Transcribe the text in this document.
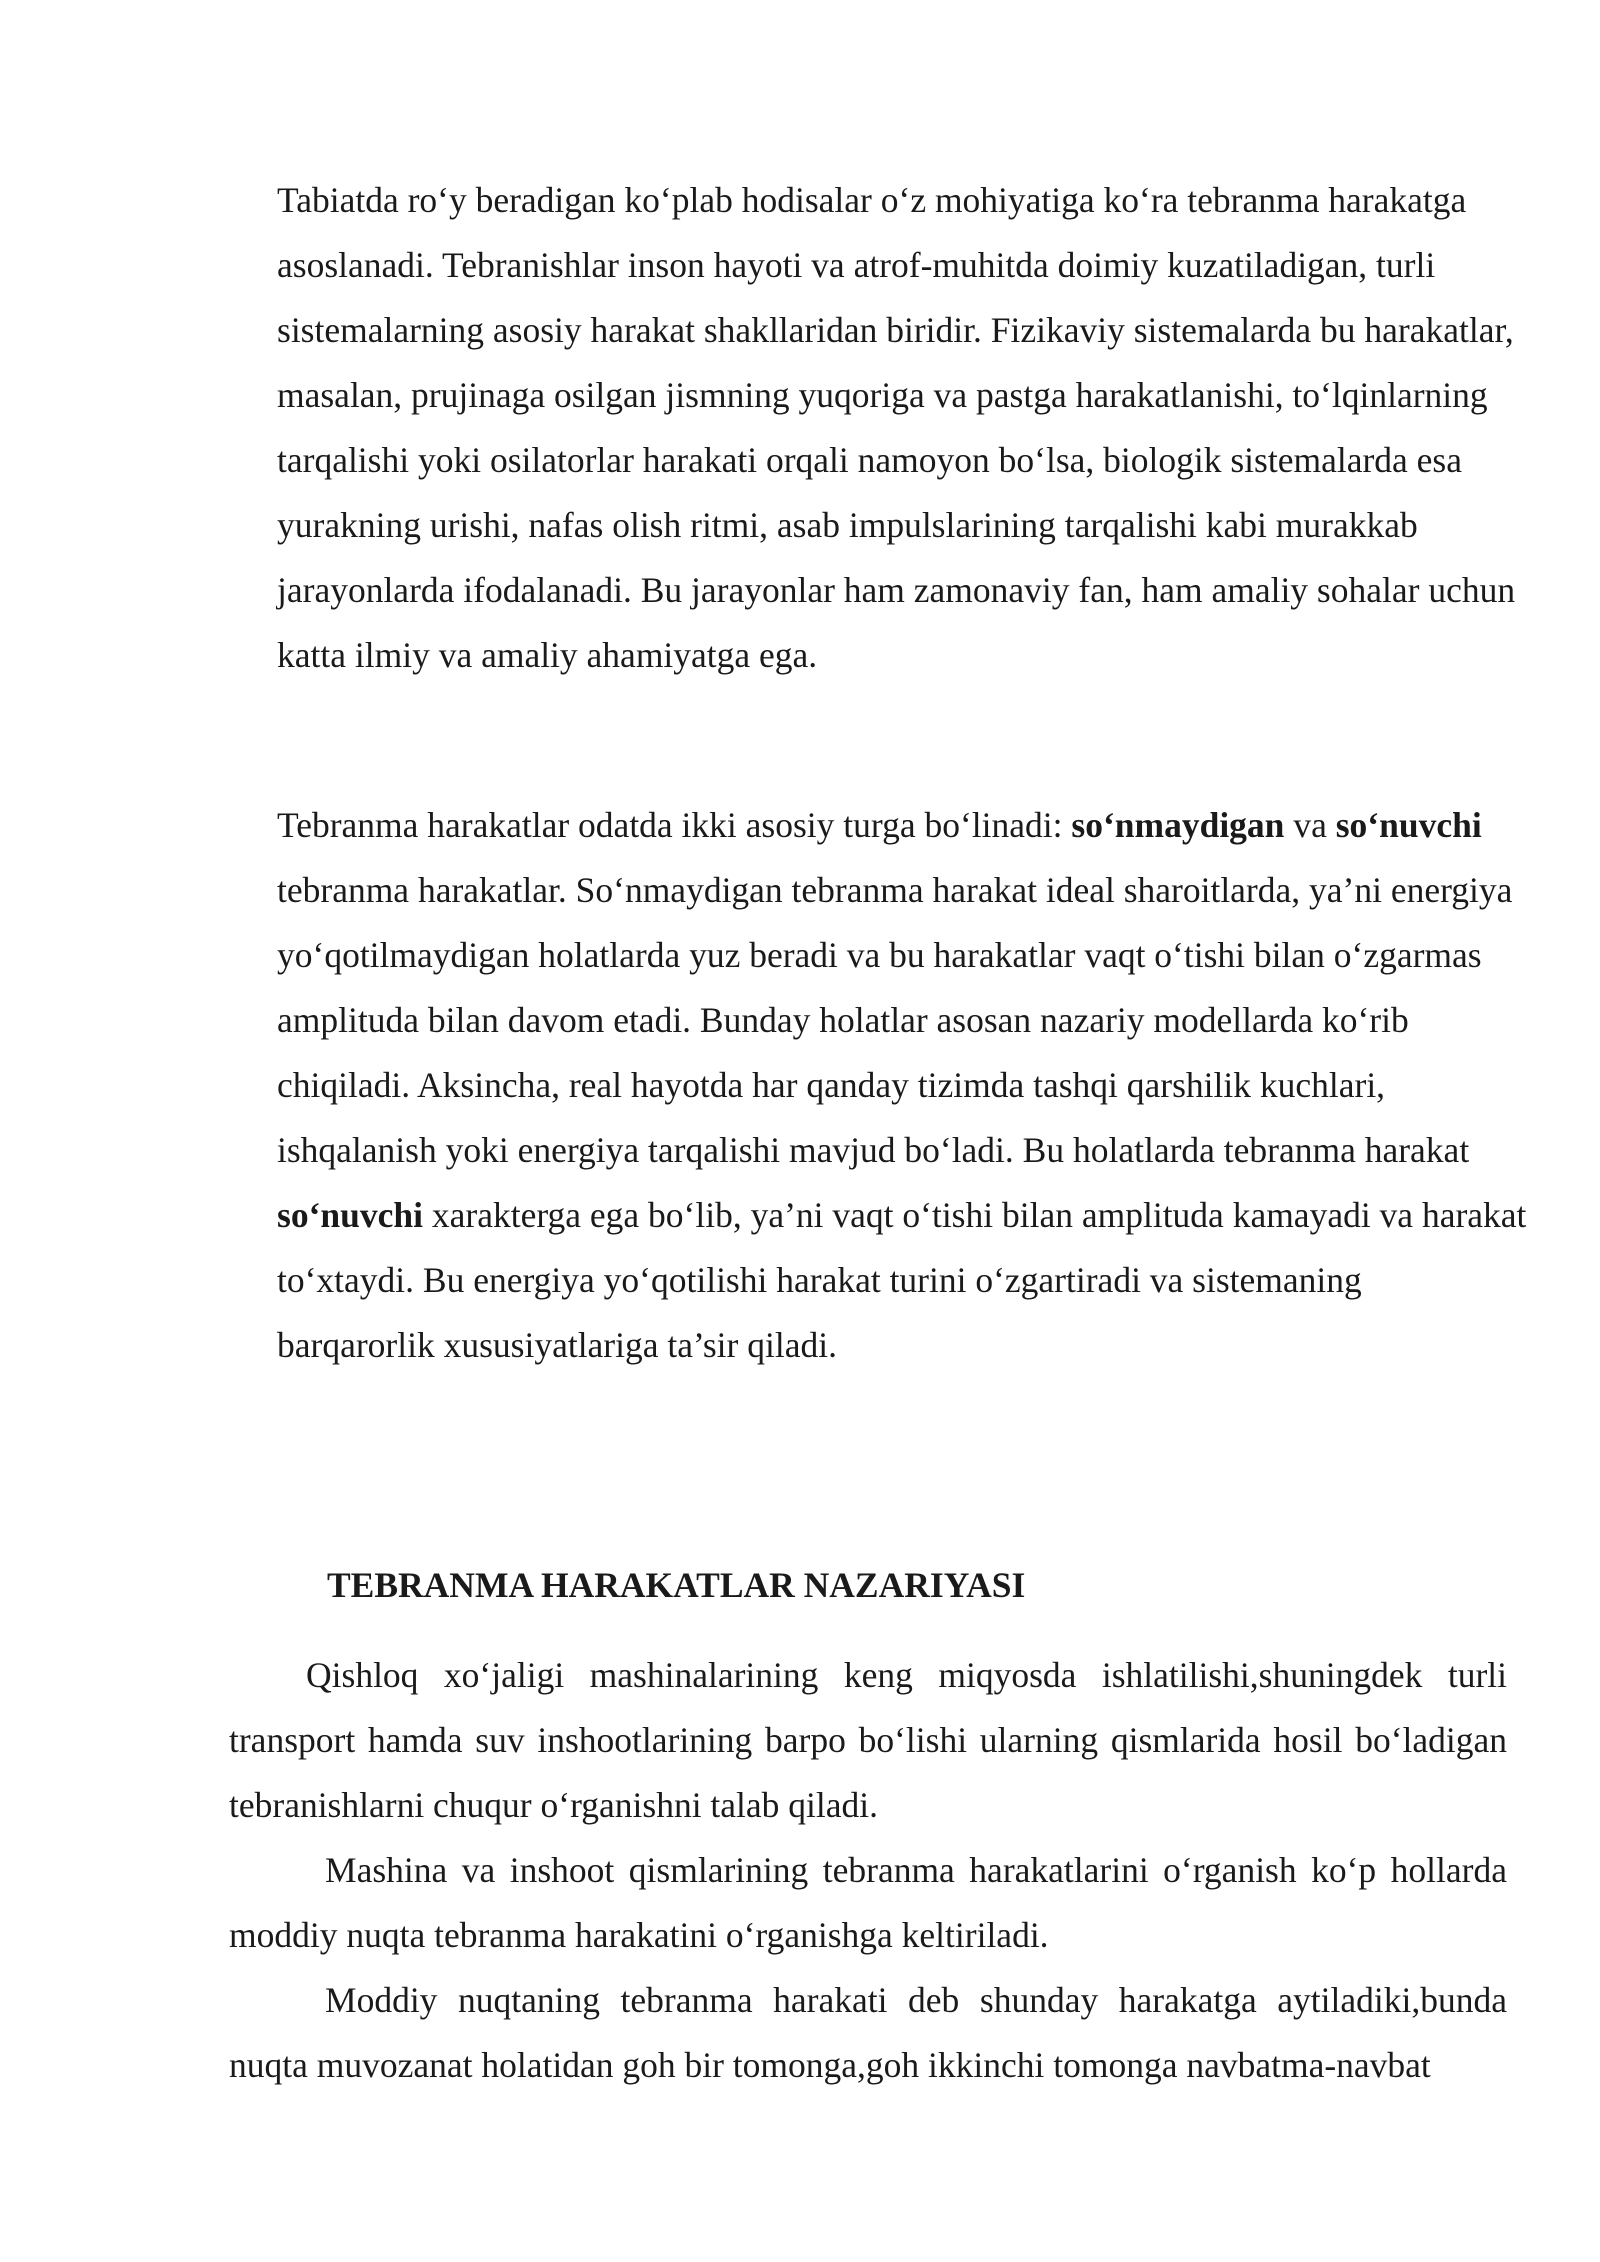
Tabiatda ro‘y beradigan ko‘plab hodisalar o‘z mohiyatiga ko‘ra tebranma harakatga asoslanadi. Tebranishlar inson hayoti va atrof-muhitda doimiy kuzatiladigan, turli sistemalarning asosiy harakat shakllaridan biridir. Fizikaviy sistemalarda bu harakatlar, masalan, prujinaga osilgan jismning yuqoriga va pastga harakatlanishi, to‘lqinlarning tarqalishi yoki osilatorlar harakati orqali namoyon bo‘lsa, biologik sistemalarda esa yurakning urishi, nafas olish ritmi, asab impulslarining tarqalishi kabi murakkab jarayonlarda ifodalanadi. Bu jarayonlar ham zamonaviy fan, ham amaliy sohalar uchun katta ilmiy va amaliy ahamiyatga ega.

Tebranma harakatlar odatda ikki asosiy turga bo‘linadi: so‘nmaydigan va so‘nuvchi tebranma harakatlar. So‘nmaydigan tebranma harakat ideal sharoitlarda, ya’ni energiya yo‘qotilmaydigan holatlarda yuz beradi va bu harakatlar vaqt o‘tishi bilan o‘zgarmas amplituda bilan davom etadi. Bunday holatlar asosan nazariy modellarda ko‘rib chiqiladi. Aksincha, real hayotda har qanday tizimda tashqi qarshilik kuchlari, ishqalanish yoki energiya tarqalishi mavjud bo‘ladi. Bu holatlarda tebranma harakat so‘nuvchi xarakterga ega bo‘lib, ya’ni vaqt o‘tishi bilan amplituda kamayadi va harakat to‘xtaydi. Bu energiya yo‘qotilishi harakat turini o‘zgartiradi va sistemaning barqarorlik xususiyatlariga ta’sir qiladi.

TEBRANMA HARAKATLAR NAZARIYASI

Qishloq xo‘jaligi mashinalarining keng miqyosda ishlatilishi,shuningdek turli transport hamda suv inshootlarining barpo bo‘lishi ularning qismlarida hosil bo‘ladigan tebranishlarni chuqur o‘rganishni talab qiladi.

Mashina va inshoot qismlarining tebranma harakatlarini o‘rganish ko‘p hollarda moddiy nuqta tebranma harakatini o‘rganishga keltiriladi.

Moddiy nuqtaning tebranma harakati deb shunday harakatga aytiladiki,bunda nuqta muvozanat holatidan goh bir tomonga,goh ikkinchi tomonga navbatma-navbat
